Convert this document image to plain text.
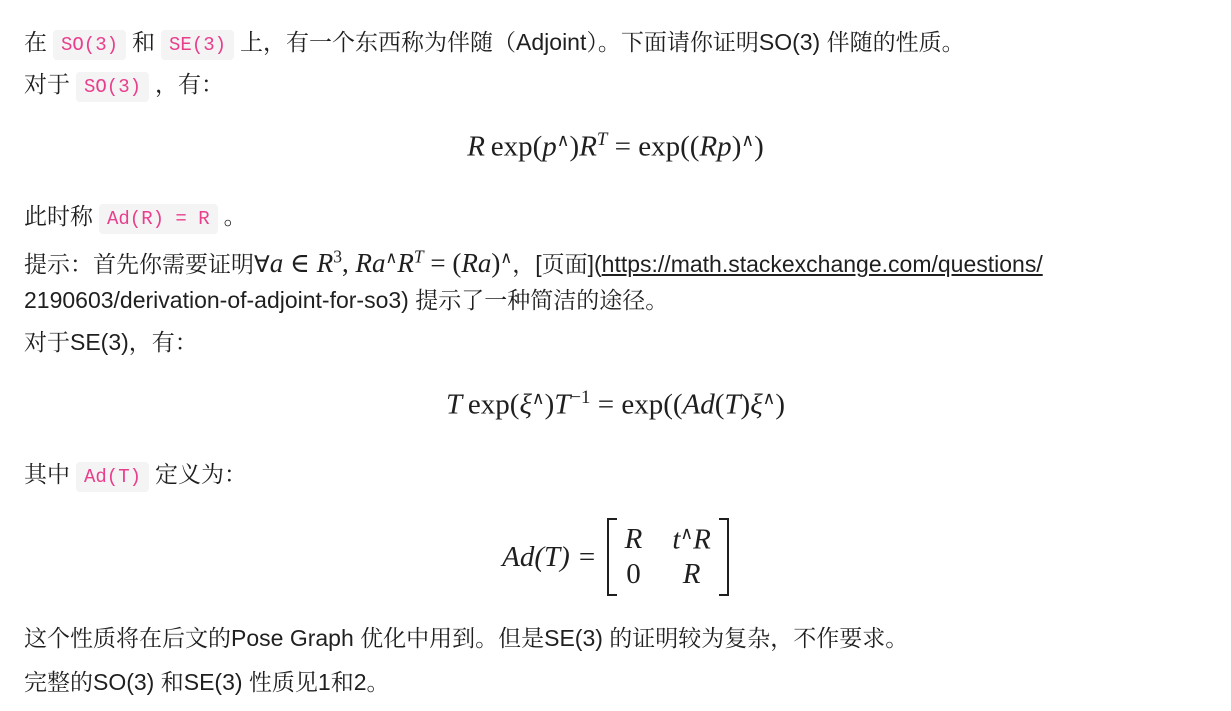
在 SO(3) 和 SE(3) 上，有一个东西称为伴随（Adjoint）。下面请你证明SO(3) 伴随的性质。
对于 SO(3) ，有：
R  $\exp(p^\wedge)R^T = \exp((Rp)^\wedge)$
此时称 Ad(R) = R 。
提示：首先你需要证明∀a ∈ $R^3$, $Ra^\wedge R^T = (Ra)^\wedge$，[页面](https://math.stackexchange.com/questions/
2190603/derivation-of-adjoint-for-so3) 提示了一种简洁的途径。
对于SE(3)，有：
T $\exp(\xi^\wedge)T^{-1} = \exp((Ad(T)\xi^\wedge)$
其中 Ad(T) 定义为：
Ad(T) =
R t∧R
0	R
这个性质将在后文的Pose Graph 优化中用到。但是SE(3) 的证明较为复杂，不作要求。
完整的SO(3) 和SE(3) 性质见1和2。
